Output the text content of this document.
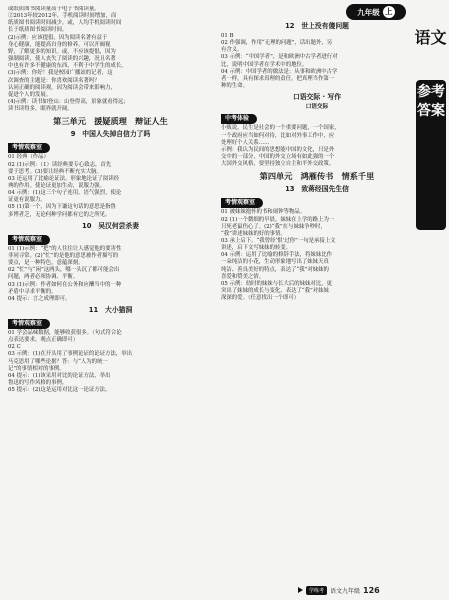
或纸质图书阅读量高于电子书阅读量。

②2013年较2012年，手机阅读时间增加，而

纸质图书阅读时间减少。或，人均手机阅读时间

长于纸质图书阅读时间。

(2)示例：应该提倡，因为阅读名著有益于

身心健康，能提高自身的修养，可以开阔视

野，了解更多的知识。或，不应该提倡，因为

强制阅读，使人丧失了阅读的兴趣，况且名著

中也有许多不健康的东西，不利于中学生的成长。

(3)示例：你好！我是校园广播站的记者，这

次调查的主题是：你喜欢阅读名著吗？

认同正确的阅读观，因为阅读会带来影响力，

促进个人的发展。

(4)示例：读书如登山：山登得高，景象就看得远；

读书读得多，眼界就开阔。

第三单元　援疑质理　辩证人生
9　中国人失掉自信力了吗
考情观察室

01 经典（作品）

02 (1)示例：（1）读经典要专心致志，首先

要于思考。(3)要让经典不断充实大脑。

03 还运用了比喻论证法。形象地论证了阅读经

典的作用。使论证更加生动，说服力强。

04 示例：(1)这三个句子连用，语气强烈，使论

证更有说服力。

05 (1)第一个，因为下谦这句话的意思是指鲁

多博者乏，无论何种学问都有它的之所见。

10　吴汉何尝杀妻
考情观察室

01 (1)示例：“把”的人往往让人感觉他的要害性

非同寻常。(2)“忙”的是他的意思被作者描写的

要点，是一种特色，意蕴深刻。

02 “忙”与“闲”这两头，哪一头沉了都可能会出

问题，两者必须协调、平衡。

03 (1)示例：作者如何在公务和应酬当中的一种

矛盾中寻求平衡的。

04 提示：言之成理即可。

11　大小猫洞
考情观察室

01 学会品味数据，能够收获很多。（句式符合论

点表达要求，观点正确即可）

02 C

03 示例：(1)在开头用了事例论证的论证方法，举出

马克思用了哪些论据？答：与“人为的统一

记”的事情相对的事例。

04 提示：(1)该采用对比的论证方法，举出

鲁迅的写作风格的事例。

05 提示：(2)这是运用对比这一论证方法。

12　世上没有傻问题

01 B

02 作强调，作用“无理的问题”，话出题外，另

有含义。

03 示例：“中国学者”，是和欧洲中古学者进行对

比，说明中国学者在学术中的地位。

04 示例：中国学者的做法是：从事和欧洲中古学

者一样，具有探求真理的责任，把真理当作第一

种的生命。

口语交际 · 写作
口语交际
中考体验

小贩说，民生是社会的一个重要问题，一个国家，

一个政府应当如何对待，比如对外事工作中，应

处理好个人关系……

示例：我认为民间的思想能中国的文化，只是外

交中的一部分，中国的外交立场有如此强的一个

大国外交风格，要坚持独立自主和平外交政策。

第四单元　鸿雁传书　情系千里
13　致蒋经国先生信
考情观察室

01 被妹妹抱怀的书和闹钟等物品。

02 (1)一个微细的早晨，妹妹在上学的路上为一

只死老鼠伤心了。(2)“我”在与妹妹争吵时，

“我”讲述妹妹的好的事情。

03 承上启下。“我曾经‘恨’过你”一句是承接上文

讲述，启下文写妹妹的转变。

04 示例：运用了比喻的修辞手法，将妹妹比作

一朵纯洁的小花，生动形象地写出了妹妹天真

纯洁、善良美好的特点，表达了“我”对妹妹的

喜爱和赞美之情。

05 示例：幼时的妹妹与长大后的妹妹对比，更

突出了妹妹的成长与变化，表达了“我”对妹妹

深深的爱。（任意找出一个即可）

九年级 上
语文
参考答案
学练考	语文九年级 126
